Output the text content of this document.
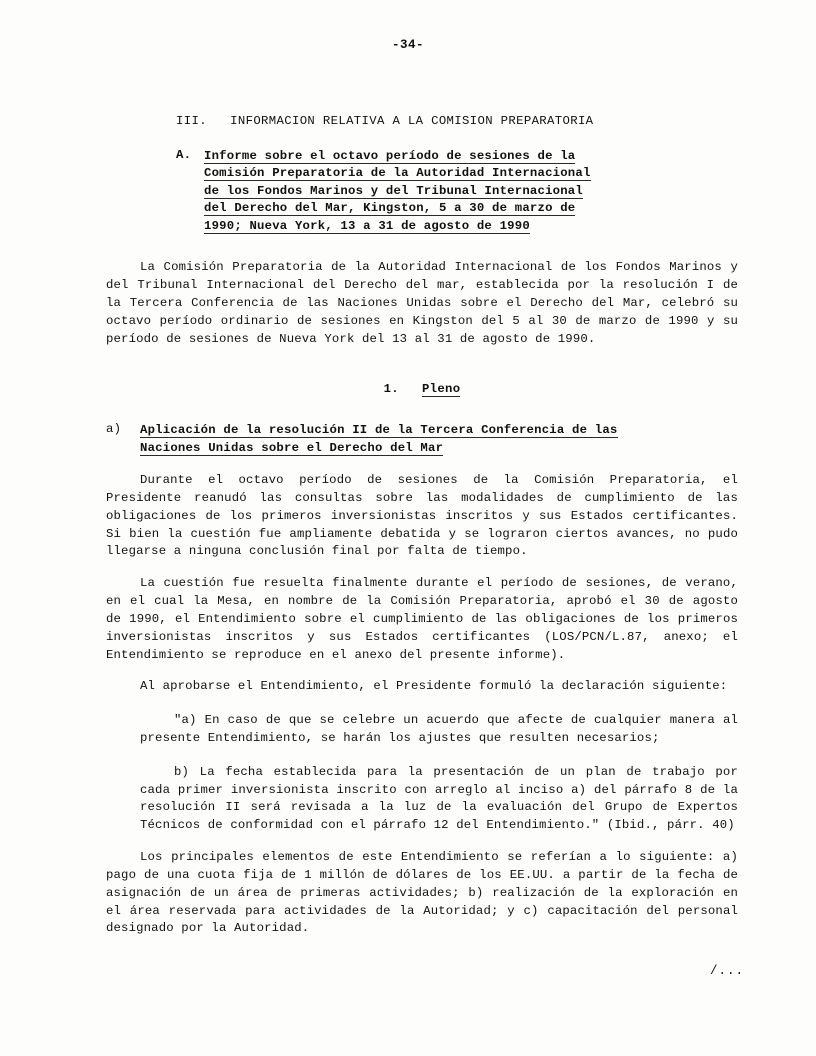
-34-
III. INFORMACION RELATIVA A LA COMISION PREPARATORIA
A.	Informe sobre el octavo período de sesiones de la
Comisión Preparatoria de la Autoridad Internacional
de los Fondos Marinos y del Tribunal Internacional
del Derecho del Mar, Kingston, 5 a 30 de marzo de
1990; Nueva York, 13 a 31 de agosto de 1990

La Comisión Preparatoria de la Autoridad Internacional de los Fondos Marinos y del Tribunal Internacional del Derecho del mar, establecida por la resolución I de la Tercera Conferencia de las Naciones Unidas sobre el Derecho del Mar, celebró su octavo período ordinario de sesiones en Kingston del 5 al 30 de marzo de 1990 y su período de sesiones de Nueva York del 13 al 31 de agosto de 1990.

1. Pleno
a)	Aplicación de la resolución II de la Tercera Conferencia de las
Naciones Unidas sobre el Derecho del Mar

Durante el octavo período de sesiones de la Comisión Preparatoria, el Presidente reanudó las consultas sobre las modalidades de cumplimiento de las obligaciones de los primeros inversionistas inscritos y sus Estados certificantes. Si bien la cuestión fue ampliamente debatida y se lograron ciertos avances, no pudo llegarse a ninguna conclusión final por falta de tiempo.

La cuestión fue resuelta finalmente durante el período de sesiones, de verano, en el cual la Mesa, en nombre de la Comisión Preparatoria, aprobó el 30 de agosto de 1990, el Entendimiento sobre el cumplimiento de las obligaciones de los primeros inversionistas inscritos y sus Estados certificantes (LOS/PCN/L.87, anexo; el Entendimiento se reproduce en el anexo del presente informe).

Al aprobarse el Entendimiento, el Presidente formuló la declaración siguiente:

"a) En caso de que se celebre un acuerdo que afecte de cualquier manera al presente Entendimiento, se harán los ajustes que resulten necesarios;

b) La fecha establecida para la presentación de un plan de trabajo por cada primer inversionista inscrito con arreglo al inciso a) del párrafo 8 de la resolución II será revisada a la luz de la evaluación del Grupo de Expertos Técnicos de conformidad con el párrafo 12 del Entendimiento." (Ibid., párr. 40)

Los principales elementos de este Entendimiento se referían a lo siguiente: a) pago de una cuota fija de 1 millón de dólares de los EE.UU. a partir de la fecha de asignación de un área de primeras actividades; b) realización de la exploración en el área reservada para actividades de la Autoridad; y c) capacitación del personal designado por la Autoridad.

/...
